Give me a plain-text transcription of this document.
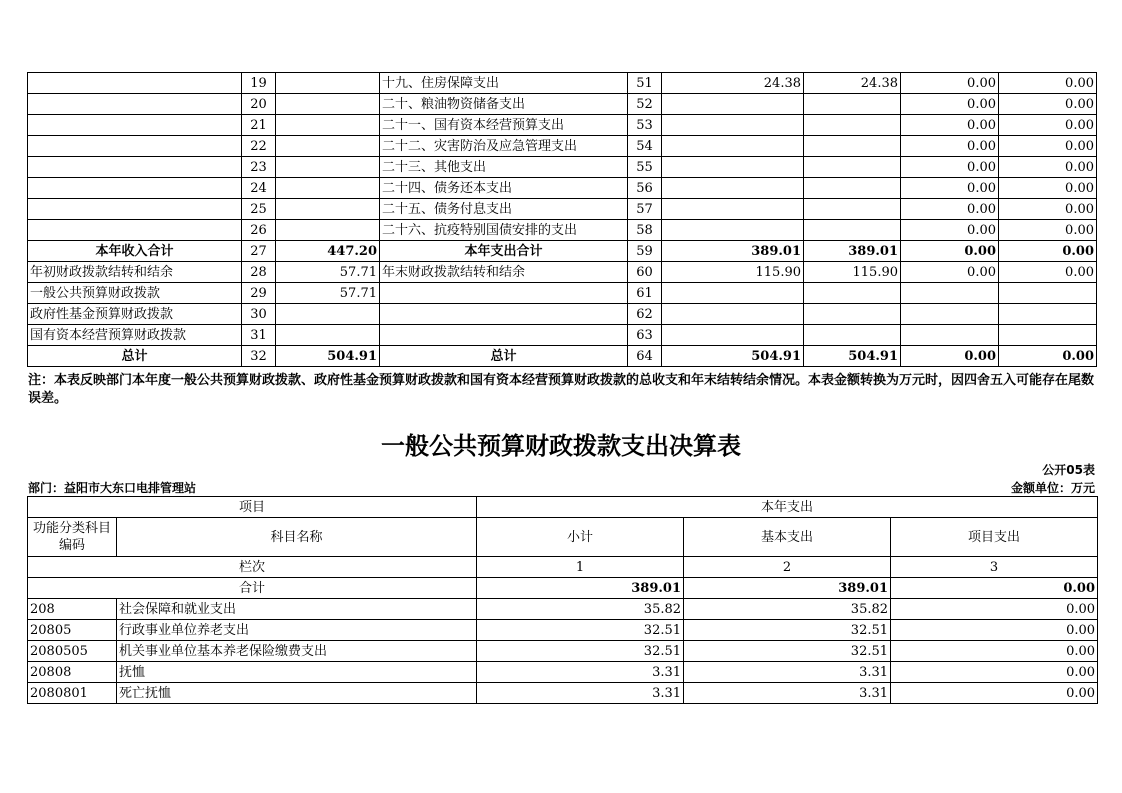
	19		十九、住房保障支出	51	24.38	24.38	0.00	0.00
	20		二十、粮油物资储备支出	52			0.00	0.00
	21		二十一、国有资本经营预算支出	53			0.00	0.00
	22		二十二、灾害防治及应急管理支出	54			0.00	0.00
	23		二十三、其他支出	55			0.00	0.00
	24		二十四、债务还本支出	56			0.00	0.00
	25		二十五、债务付息支出	57			0.00	0.00
	26		二十六、抗疫特别国债安排的支出	58			0.00	0.00
本年收入合计	27	447.20	本年支出合计	59	389.01	389.01	0.00	0.00
年初财政拨款结转和结余	28	57.71	年末财政拨款结转和结余	60	115.90	115.90	0.00	0.00
一般公共预算财政拨款	29	57.71		61				
政府性基金预算财政拨款	30			62				
国有资本经营预算财政拨款	31			63				
总计	32	504.91	总计	64	504.91	504.91	0.00	0.00
注：本表反映部门本年度一般公共预算财政拨款、政府性基金预算财政拨款和国有资本经营预算财政拨款的总收支和年末结转结余情况。本表金额转换为万元时，因四舍五入可能存在尾数误差。
一般公共预算财政拨款支出决算表
公开05表
部门：益阳市大东口电排管理站	金额单位：万元
项目		本年支出		
功能分类科目编码	科目名称	小计	基本支出	项目支出
栏次		1	2	3
合计		389.01	389.01	0.00
208	社会保障和就业支出	35.82	35.82	0.00
20805	行政事业单位养老支出	32.51	32.51	0.00
2080505	机关事业单位基本养老保险缴费支出	32.51	32.51	0.00
20808	抚恤	3.31	3.31	0.00
2080801	死亡抚恤	3.31	3.31	0.00
